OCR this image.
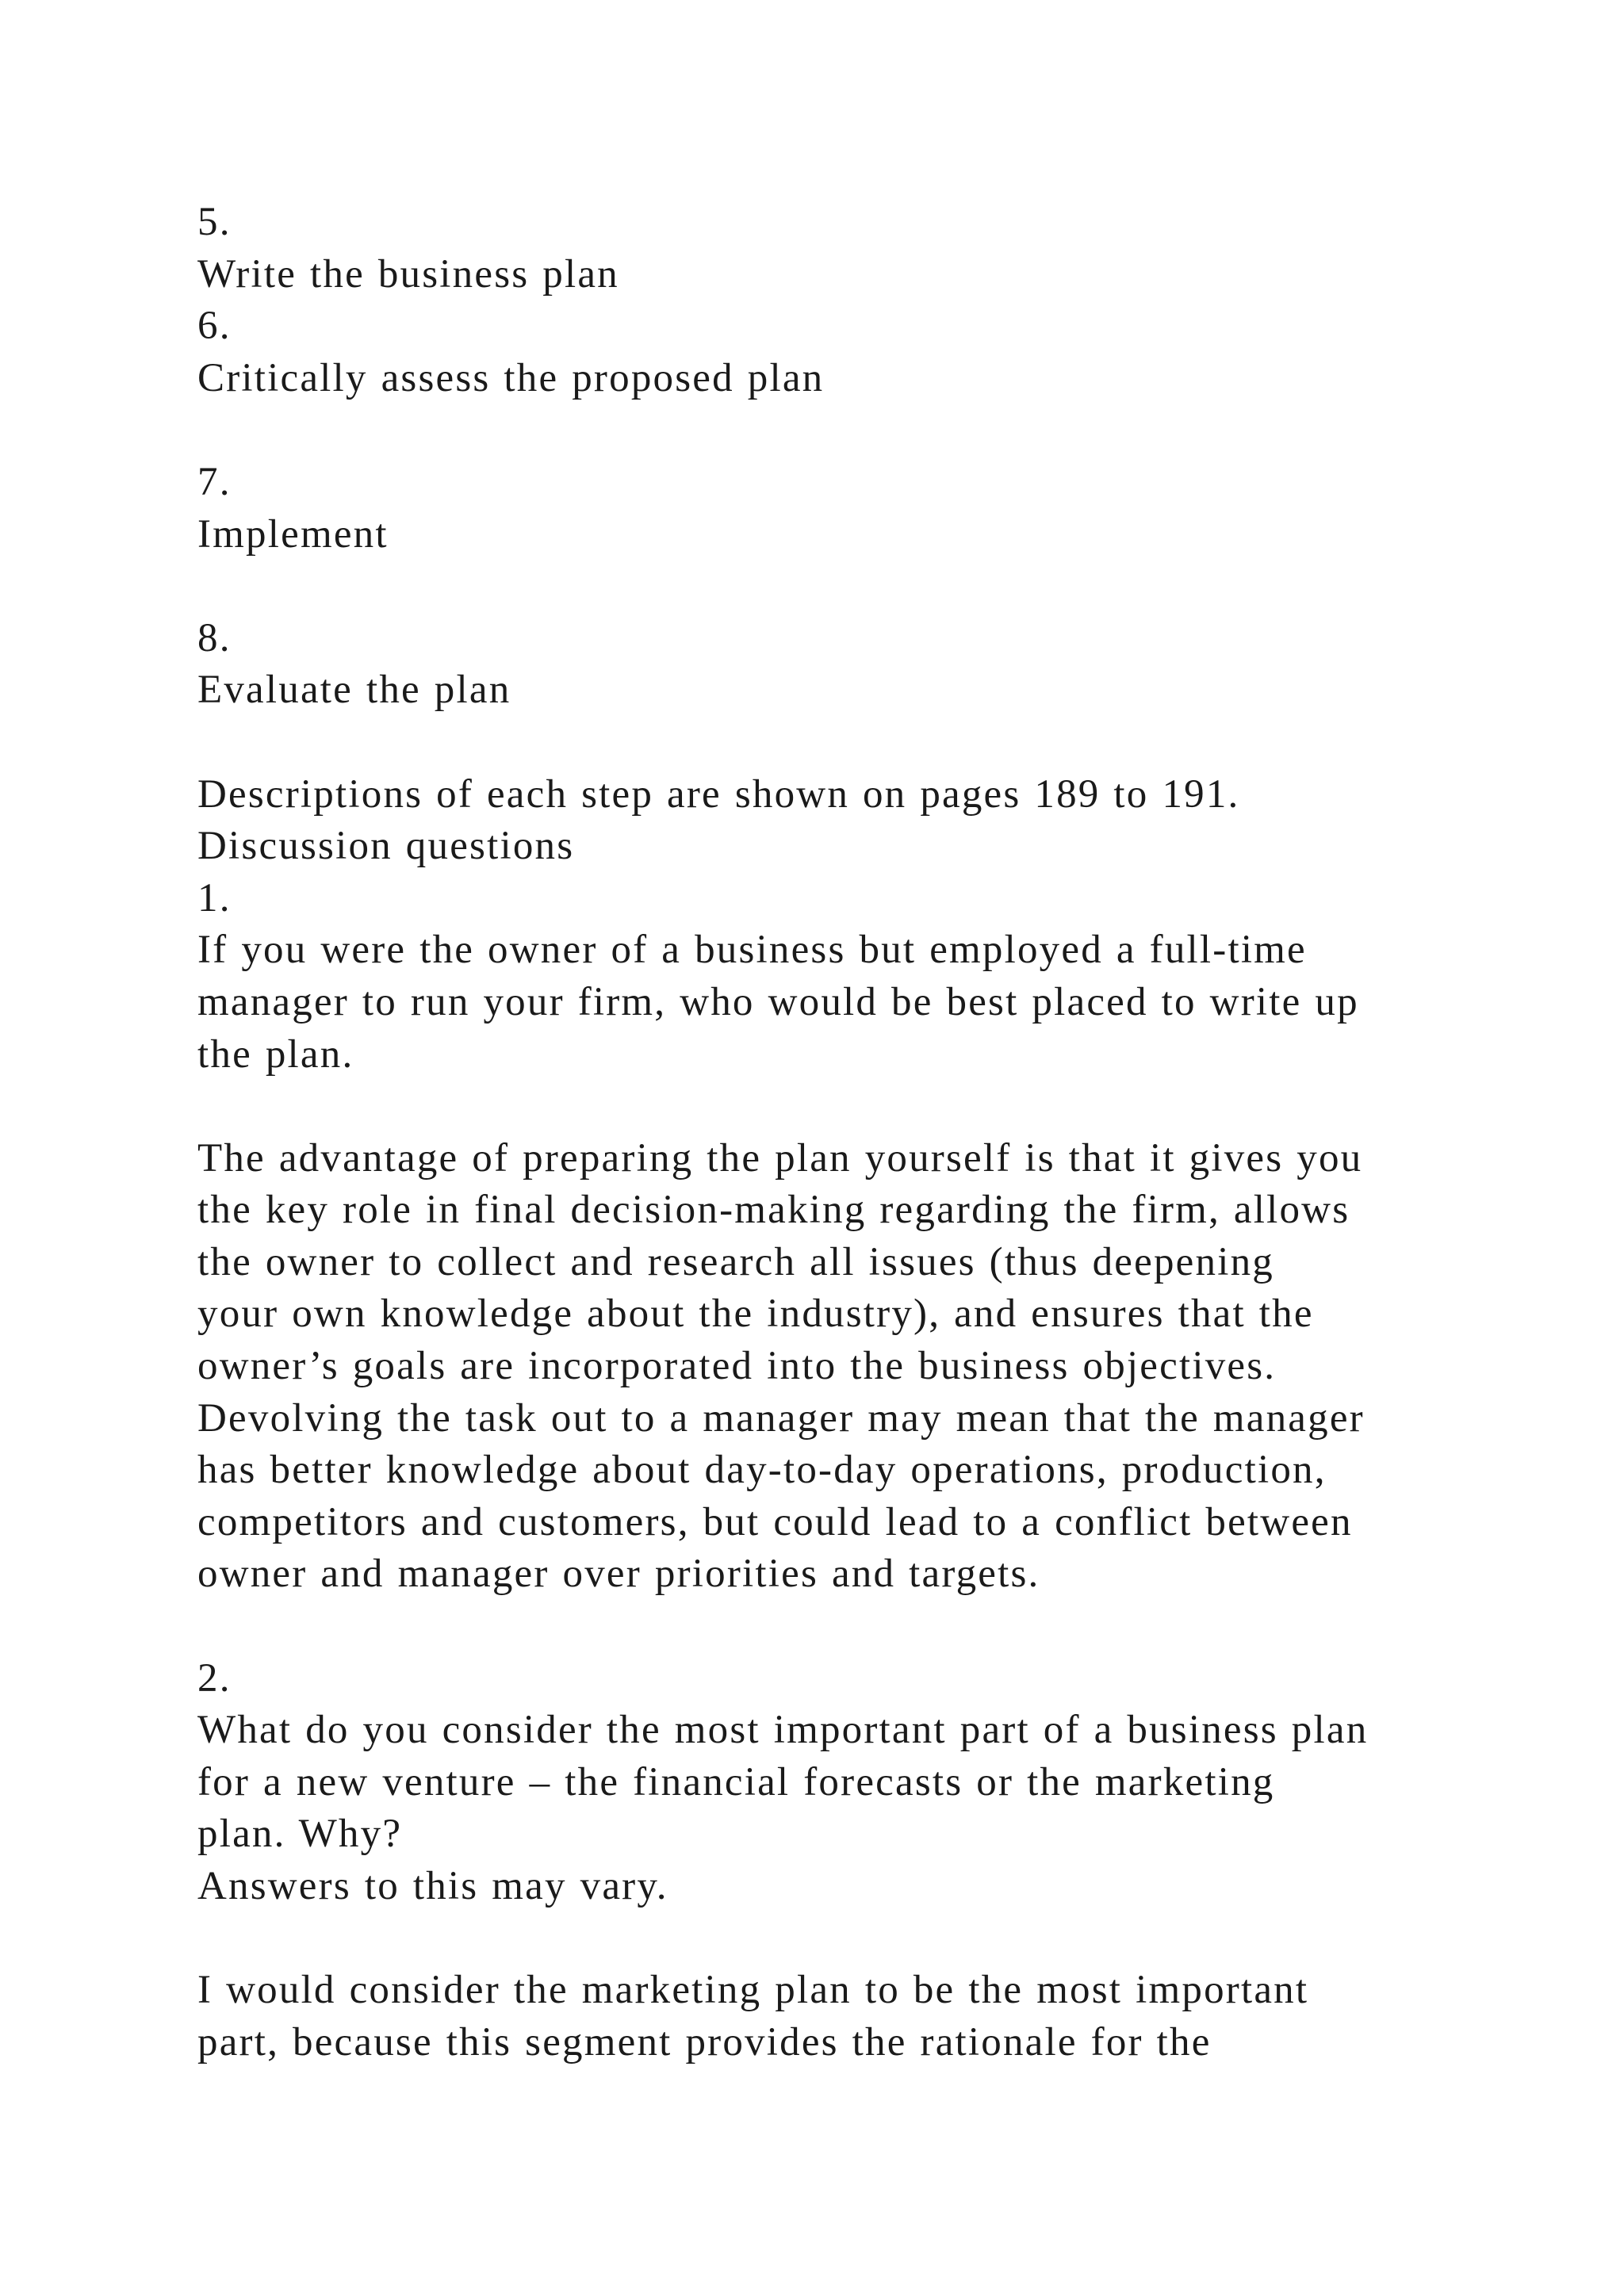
5.
Write the business plan
6.
Critically assess the proposed plan
7.
Implement
8.
Evaluate the plan
Descriptions of each step are shown on pages 189 to 191.
Discussion questions
1.
If you were the owner of a business but employed a full-time
manager to run your firm, who would be best placed to write up
the plan.
The advantage of preparing the plan yourself is that it gives you
the key role in final decision-making regarding the firm, allows
the owner to collect and research all issues (thus deepening
your own knowledge about the industry), and ensures that the
owner’s goals are incorporated into the business objectives.
Devolving the task out to a manager may mean that the manager
has better knowledge about day-to-day operations, production,
competitors and customers, but could lead to a conflict between
owner and manager over priorities and targets.
2.
What do you consider the most important part of a business plan
for a new venture – the financial forecasts or the marketing
plan. Why?
Answers to this may vary.
I would consider the marketing plan to be the most important
part, because this segment provides the rationale for the
